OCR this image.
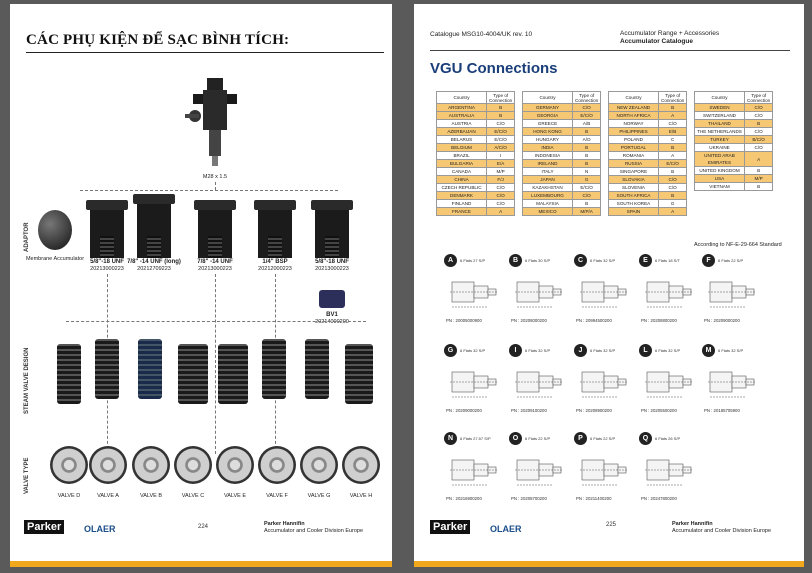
CÁC PHỤ KIỆN ĐỂ SẠC BÌNH TÍCH:
M28 x 1.5
ADAPTOR
STEAM VALVE DESIGN
VALVE TYPE
Membrane Accumulator	5/8"-18 UNF
20213000223
7/8" -14 UNF (long)
20212709223
7/8" -14 UNF
20213000223
1/4" BSP
20212000223
5/8"-18 UNF
20213000223
BV1
20214000200
VALVE D	VALVE A	VALVE B	VALVE C	VALVE E	VALVE F	VALVE G	VALVE H
Parker	OLAER	224	Parker Hannifin
Accumulator and Cooler Division Europe
Catalogue MSG10-4004/UK rev. 10	Accumulator Range + Accessories
Accumulator Catalogue
VGU Connections
Country	Type of Connection
ARGENTINA	B
AUSTRALIA	B
AUSTRIA	C/O
AZERBAIJAN	E/C/O
BELARUS	E/C/O
BELGIUM	A/C/O
BRAZIL	I
BULGARIA	E/A
CANADA	M/P
CHINA	F/J
CZECH REPUBLIC	C/O
DENMARK	C/O
FINLAND	C/O
FRANCE	A
Country	Type of Connection
GERMANY	C/O
GEORGIA	E/C/O
GREECE	A/B
HONG KONG	B
HUNGARY	A/O
INDIA	B
INDONESIA	B
IRELAND	B
ITALY	N
JAPAN	G
KAZAKHSTAN	E/C/O
LUXEMBOURG	C/O
MALAYSIA	B
MEXICO	M/P/A
Country	Type of Connection
NEW ZEALAND	B
NORTH AFRICA	A
NORWAY	C/O
PHILIPPINES	E/B
POLAND	C
PORTUGAL	B
ROMANIA	A
RUSSIA	E/C/O
SINGAPORE	B
SLOVAKIA	C/O
SLOVENIA	C/O
SOUTH AFRICA	B
SOUTH KOREA	G
SPAIN	A
Country	Type of Connection
SWEDEN	C/O
SWITZERLAND	C/O
THAILAND	B
THE NETHERLANDS	C/O
TURKEY	B/C/O
UKRAINE	C/O
UNITED ARAB EMIRATES	A
UNITED KINGDOM	B
USA	M/P
VIETNAM	B
According to NF-E-29-664 Standard
A	6 Flats 27 S/P
PN : 20005000900
B	6 Flats 30 S/P
PN : 20208000200
C	6 Flats 32 S/P
PN : 20994500200
E	6 Flats 18 S/T
PN : 20208800200
F	6 Flats 22 S/P
PN : 20209000200
G	6 Flats 32 S/P
PN : 20209000200
I	6 Flats 32 S/P
PN : 20209100200
J	6 Flats 32 S/P
PN : 20208900200
L	6 Flats 32 S/P
PN : 20205500200
M	6 Flats 32 S/P
PN : 20185705900
N	6 Flats 27.57 S/P
PN : 20216900200
O	6 Flats 22 S/P
PN : 20208700200
P	6 Flats 22 S/P
PN : 20211400200
Q	6 Flats 26 S/P
PN : 20247800200
Parker	OLAER	225	Parker Hannifin
Accumulator and Cooler Division Europe
